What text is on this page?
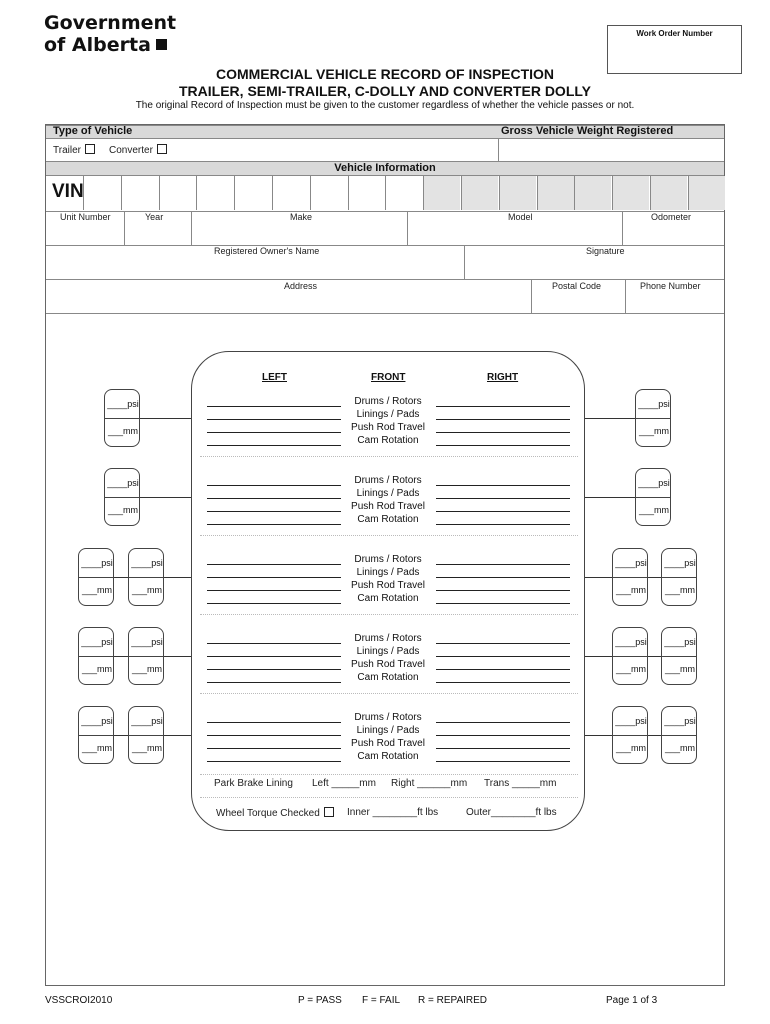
Government
of Alberta
Work Order Number
COMMERCIAL VEHICLE RECORD OF INSPECTION
TRAILER, SEMI-TRAILER, C-DOLLY AND CONVERTER DOLLY
The original Record of Inspection must be given to the customer regardless of whether the vehicle passes or not.
Type of Vehicle	Gross Vehicle Weight Registered
Trailer	Converter
Vehicle Information
Unit Number	Year	Make	Model	Odometer
Registered Owner's Name	Signature
Address	Postal Code	Phone Number
VIN
LEFT	FRONT	RIGHT
Drums / Rotors
Linings / Pads
Push Rod Travel
Cam Rotation
Drums / Rotors
Linings / Pads
Push Rod Travel
Cam Rotation
Drums / Rotors
Linings / Pads
Push Rod Travel
Cam Rotation
Drums / Rotors
Linings / Pads
Push Rod Travel
Cam Rotation
Drums / Rotors
Linings / Pads
Push Rod Travel
Cam Rotation
____psi
___mm
____psi
___mm
____psi
___mm
____psi
___mm
____psi
___mm
____psi
___mm
____psi
___mm
____psi
___mm
____psi
___mm
____psi
___mm
____psi
___mm
____psi
___mm
____psi
___mm
____psi
___mm
____psi
___mm
____psi
___mm
Park Brake Lining Left _____mm Right ______mm Trans _____mm
Wheel Torque Checked	Inner ________ft lbs	Outer________ft lbs
VSSCROI2010	P = PASS F = FAIL R = REPAIRED	Page 1 of 3
